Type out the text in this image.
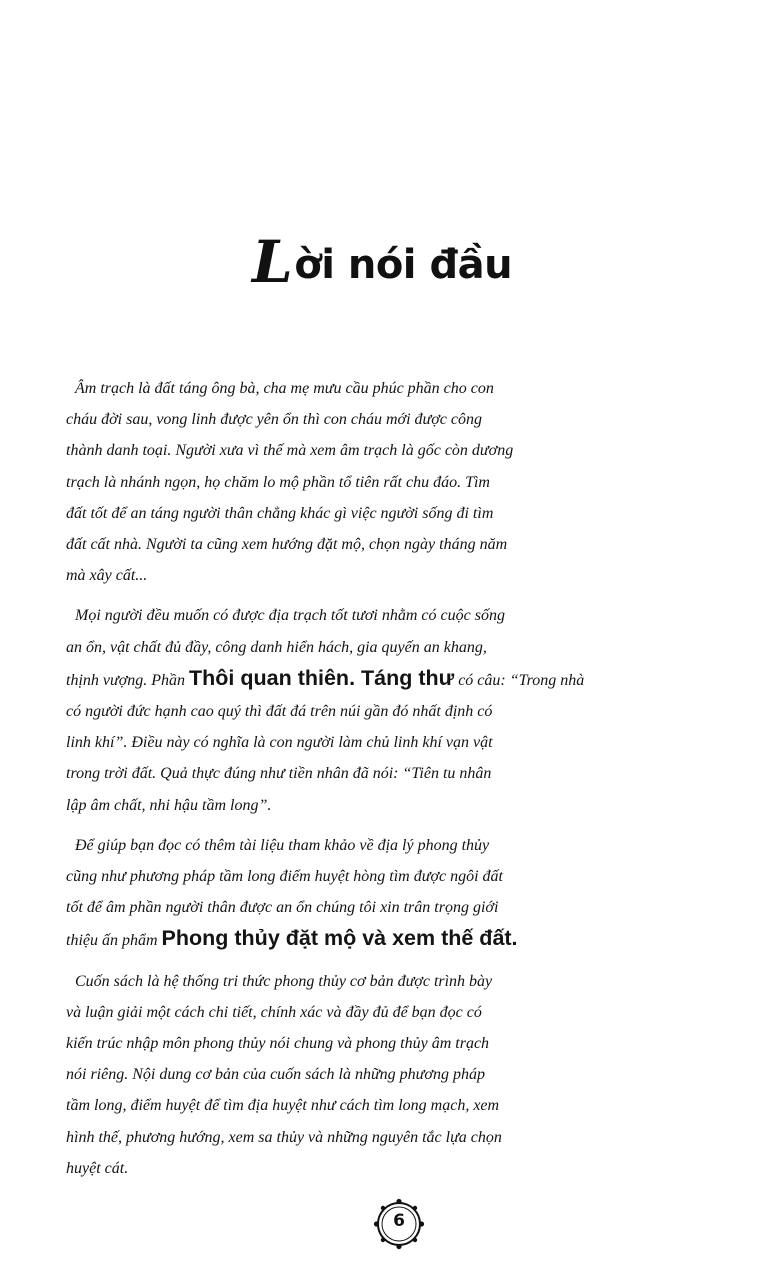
Lời nói đầu
Âm trạch là đất táng ông bà, cha mẹ mưu cầu phúc phần cho con
cháu đời sau, vong linh được yên ổn thì con cháu mới được công
thành danh toại. Người xưa vì thế mà xem âm trạch là gốc còn dương
trạch là nhánh ngọn, họ chăm lo mộ phần tổ tiên rất chu đáo. Tìm
đất tốt để an táng người thân chẳng khác gì việc người sống đi tìm
đất cất nhà. Người ta cũng xem hướng đặt mộ, chọn ngày tháng năm
mà xây cất...
Mọi người đều muốn có được địa trạch tốt tươi nhằm có cuộc sống
an ổn, vật chất đủ đầy, công danh hiển hách, gia quyến an khang,
thịnh vượng. Phần Thôi quan thiên. Táng thư có câu: “Trong nhà
có người đức hạnh cao quý thì đất đá trên núi gần đó nhất định có
linh khí”. Điều này có nghĩa là con người làm chủ linh khí vạn vật
trong trời đất. Quả thực đúng như tiền nhân đã nói: “Tiên tu nhân
lập âm chất, nhi hậu tầm long”.
Để giúp bạn đọc có thêm tài liệu tham khảo về địa lý phong thủy
cũng như phương pháp tầm long điểm huyệt hòng tìm được ngôi đất
tốt để âm phần người thân được an ổn chúng tôi xin trân trọng giới
thiệu ấn phẩm Phong thủy đặt mộ và xem thế đất.
Cuốn sách là hệ thống tri thức phong thủy cơ bản được trình bày
và luận giải một cách chi tiết, chính xác và đầy đủ để bạn đọc có
kiến trúc nhập môn phong thủy nói chung và phong thủy âm trạch
nói riêng. Nội dung cơ bản của cuốn sách là những phương pháp
tầm long, điểm huyệt để tìm địa huyệt như cách tìm long mạch, xem
hình thế, phương hướng, xem sa thủy và những nguyên tắc lựa chọn
huyệt cát.
6
